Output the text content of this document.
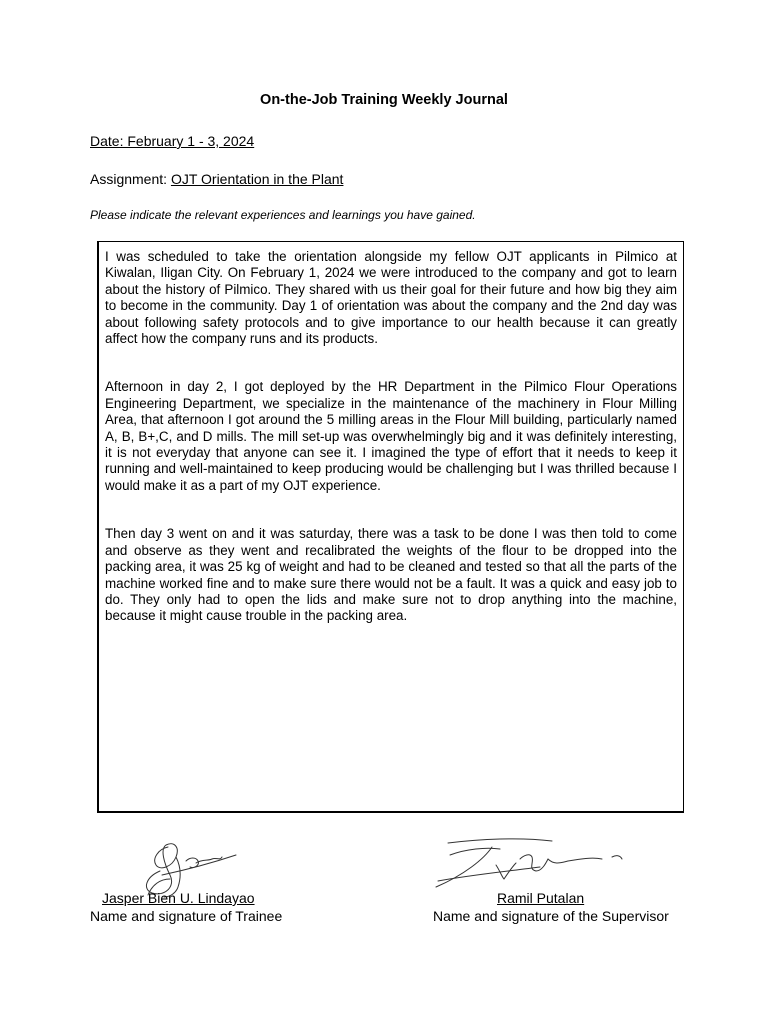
On-the-Job Training Weekly Journal
Date: February 1 - 3, 2024
Assignment: OJT Orientation in the Plant
Please indicate the relevant experiences and learnings you have gained.

I was scheduled to take the orientation alongside my fellow OJT applicants in Pilmico at Kiwalan, Iligan City. On February 1, 2024 we were introduced to the company and got to learn about the history of Pilmico. They shared with us their goal for their future and how big they aim to become in the community. Day 1 of orientation was about the company and the 2nd day was about following safety protocols and to give importance to our health because it can greatly affect how the company runs and its products.

Afternoon in day 2, I got deployed by the HR Department in the Pilmico Flour Operations Engineering Department, we specialize in the maintenance of the machinery in Flour Milling Area, that afternoon I got around the 5 milling areas in the Flour Mill building, particularly named A, B, B+,C, and D mills. The mill set-up was overwhelmingly big and it was definitely interesting, it is not everyday that anyone can see it. I imagined the type of effort that it needs to keep it running and well-maintained to keep producing would be challenging but I was thrilled because I would make it as a part of my OJT experience.

Then day 3 went on and it was saturday, there was a task to be done I was then told to come and observe as they went and recalibrated the weights of the flour to be dropped into the packing area, it was 25 kg of weight and had to be cleaned and tested so that all the parts of the machine worked fine and to make sure there would not be a fault. It was a quick and easy job to do. They only had to open the lids and make sure not to drop anything into the machine, because it might cause trouble in the packing area.

Jasper Bien U. Lindayao
Name and signature of Trainee
Ramil Putalan
Name and signature of the Supervisor
